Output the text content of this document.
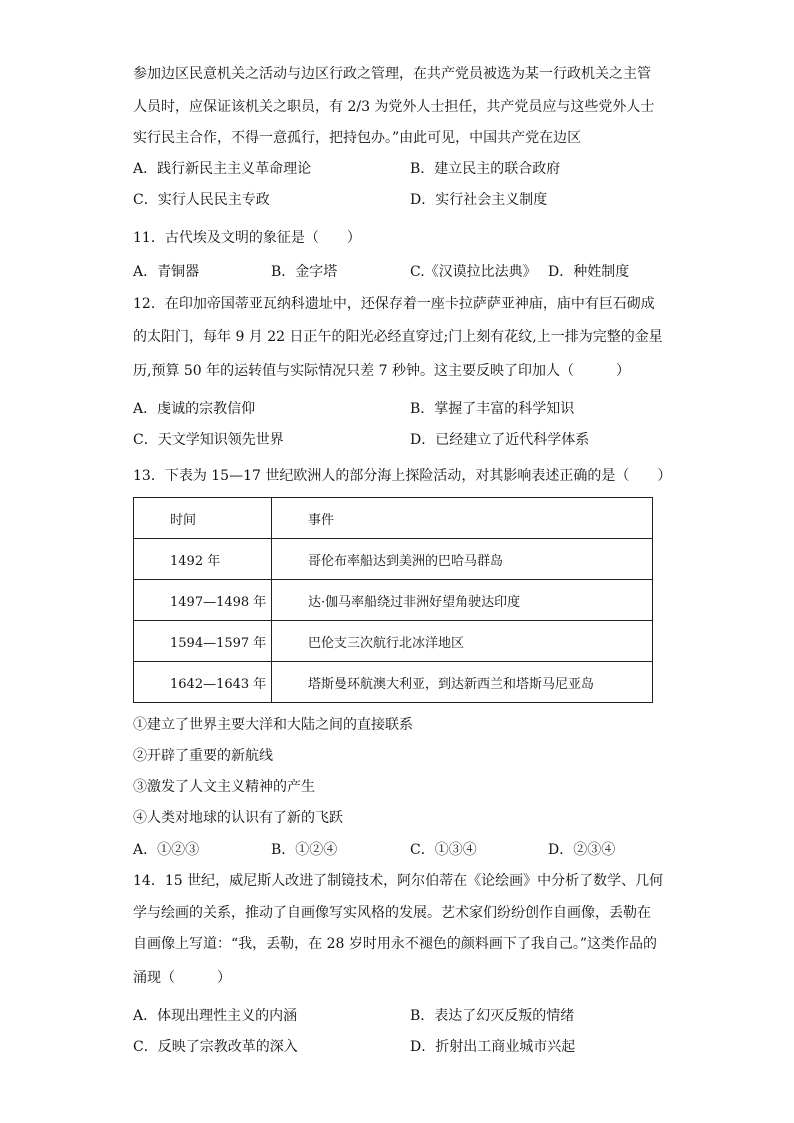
参加边区民意机关之活动与边区行政之管理，在共产党员被选为某一行政机关之主管
人员时，应保证该机关之职员，有 2/3 为党外人士担任，共产党员应与这些党外人士
实行民主合作，不得一意孤行，把持包办。”由此可见，中国共产党在边区
A．践行新民主主义革命理论	B．建立民主的联合政府
C．实行人民民主专政	D．实行社会主义制度
11．古代埃及文明的象征是（　　）
A．青铜器	B．金字塔	C.《汉谟拉比法典》 D．种姓制度
12．在印加帝国蒂亚瓦纳科遗址中，还保存着一座卡拉萨萨亚神庙，庙中有巨石砌成
的太阳门，每年 9 月 22 日正午的阳光必经直穿过;门上刻有花纹,上一排为完整的金星
历,预算 50 年的运转值与实际情况只差 7 秒钟。这主要反映了印加人（　　　）
A．虔诚的宗教信仰	B．掌握了丰富的科学知识
C．天文学知识领先世界	D．已经建立了近代科学体系
13．下表为 15—17 世纪欧洲人的部分海上探险活动，对其影响表述正确的是（　　）
时间	事件
1492 年	哥伦布率船达到美洲的巴哈马群岛
1497—1498 年	达·伽马率船绕过非洲好望角驶达印度
1594—1597 年	巴伦支三次航行北冰洋地区
1642—1643 年	塔斯曼环航澳大利亚，到达新西兰和塔斯马尼亚岛
①建立了世界主要大洋和大陆之间的直接联系
②开辟了重要的新航线
③激发了人文主义精神的产生
④人类对地球的认识有了新的飞跃
A．①②③	B．①②④	C．①③④	D．②③④
14．15 世纪，威尼斯人改进了制镜技术，阿尔伯蒂在《论绘画》中分析了数学、几何
学与绘画的关系，推动了自画像写实风格的发展。艺术家们纷纷创作自画像，丢勒在
自画像上写道：“我，丢勒，在 28 岁时用永不褪色的颜料画下了我自己。”这类作品的
涌现（　　　）
A．体现出理性主义的内涵	B．表达了幻灭反叛的情绪
C．反映了宗教改革的深入	D．折射出工商业城市兴起
